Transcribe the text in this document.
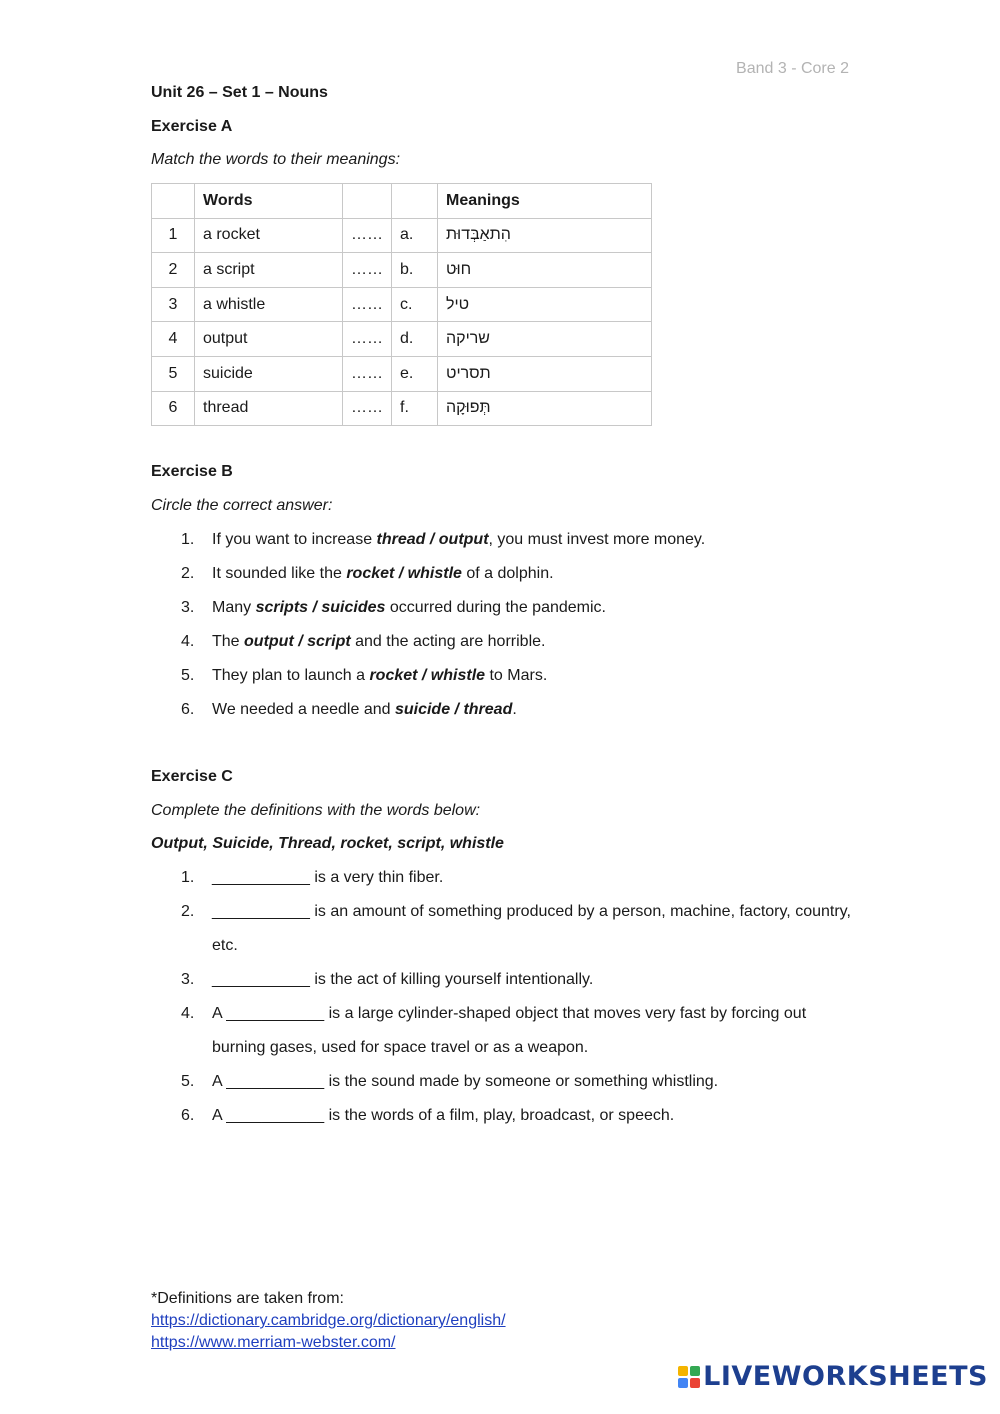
Band 3 - Core 2
Unit 26 – Set 1 – Nouns
Exercise A
Match the words to their meanings:
	Words			Meanings
1	a rocket	……	a.	הִתאַבְּדוּת
2	a script	……	b.	חוּט
3	a whistle	……	c.	טיל
4	output	……	d.	שריקה
5	suicide	……	e.	תסריט
6	thread	……	f.	תְּפוּקָה
Exercise B
Circle the correct answer:
1. If you want to increase thread / output, you must invest more money.
2. It sounded like the rocket / whistle of a dolphin.
3. Many scripts / suicides occurred during the pandemic.
4. The output / script and the acting are horrible.
5. They plan to launch a rocket / whistle to Mars.
6. We needed a needle and suicide / thread.
Exercise C
Complete the definitions with the words below:
Output, Suicide, Thread, rocket, script, whistle
1. ___________ is a very thin fiber.
2. ___________ is an amount of something produced by a person, machine, factory, country, etc.
3. ___________ is the act of killing yourself intentionally.
4. A ___________ is a large cylinder-shaped object that moves very fast by forcing out burning gases, used for space travel or as a weapon.
5. A ___________ is the sound made by someone or something whistling.
6. A ___________ is the words of a film, play, broadcast, or speech.
*Definitions are taken from:
https://dictionary.cambridge.org/dictionary/english/
https://www.merriam-webster.com/
LIVEWORKSHEETS
